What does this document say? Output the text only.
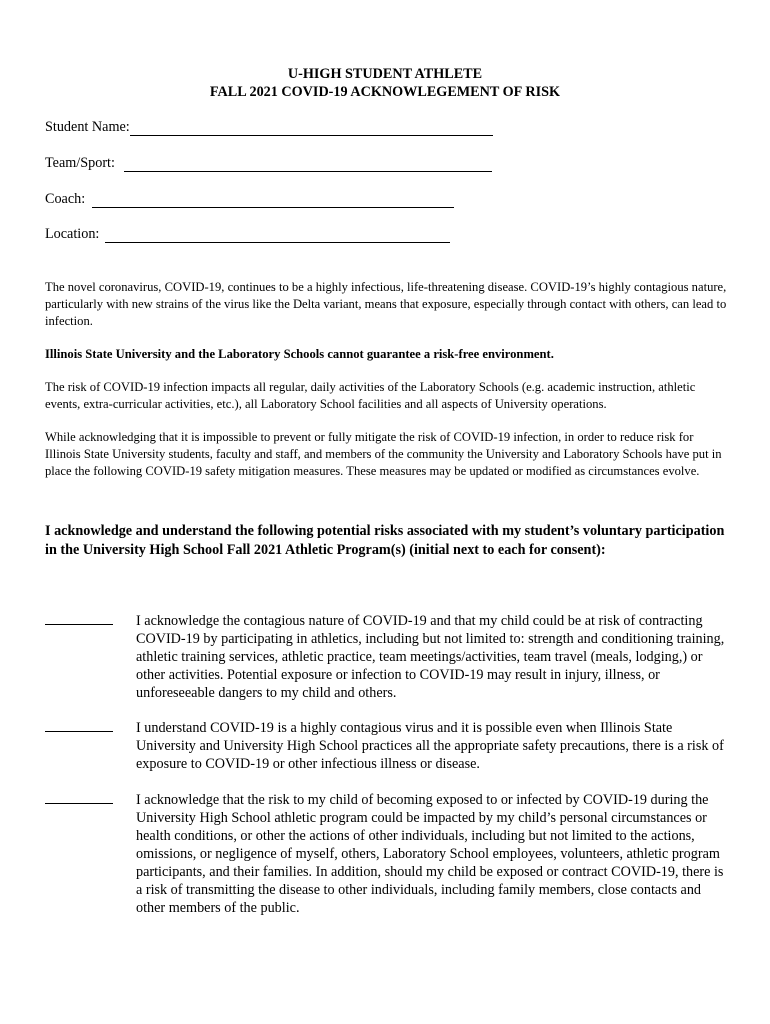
U-HIGH STUDENT ATHLETE
FALL 2021 COVID-19 ACKNOWLEGEMENT OF RISK
Student Name:
Team/Sport:
Coach:
Location:
The novel coronavirus, COVID-19, continues to be a highly infectious, life-threatening disease. COVID-19’s highly contagious nature, particularly with new strains of the virus like the Delta variant, means that exposure, especially through contact with others, can lead to infection.
Illinois State University and the Laboratory Schools cannot guarantee a risk-free environment.
The risk of COVID-19 infection impacts all regular, daily activities of the Laboratory Schools (e.g. academic instruction, athletic events, extra-curricular activities, etc.), all Laboratory School facilities and all aspects of University operations.
While acknowledging that it is impossible to prevent or fully mitigate the risk of COVID-19 infection, in order to reduce risk for Illinois State University students, faculty and staff, and members of the community the University and Laboratory Schools have put in place the following COVID-19 safety mitigation measures. These measures may be updated or modified as circumstances evolve.
I acknowledge and understand the following potential risks associated with my student’s voluntary participation in the University High School Fall 2021 Athletic Program(s) (initial next to each for consent):
I acknowledge the contagious nature of COVID-19 and that my child could be at risk of contracting COVID-19 by participating in athletics, including but not limited to: strength and conditioning training, athletic training services, athletic practice, team meetings/activities, team travel (meals, lodging,) or other activities. Potential exposure or infection to COVID-19 may result in injury, illness, or unforeseeable dangers to my child and others.
I understand COVID-19 is a highly contagious virus and it is possible even when Illinois State University and University High School practices all the appropriate safety precautions, there is a risk of exposure to COVID-19 or other infectious illness or disease.
I acknowledge that the risk to my child of becoming exposed to or infected by COVID-19 during the University High School athletic program could be impacted by my child’s personal circumstances or health conditions, or other the actions of other individuals, including but not limited to the actions, omissions, or negligence of myself, others, Laboratory School employees, volunteers, athletic program participants, and their families. In addition, should my child be exposed or contract COVID-19, there is a risk of transmitting the disease to other individuals, including family members, close contacts and other members of the public.
